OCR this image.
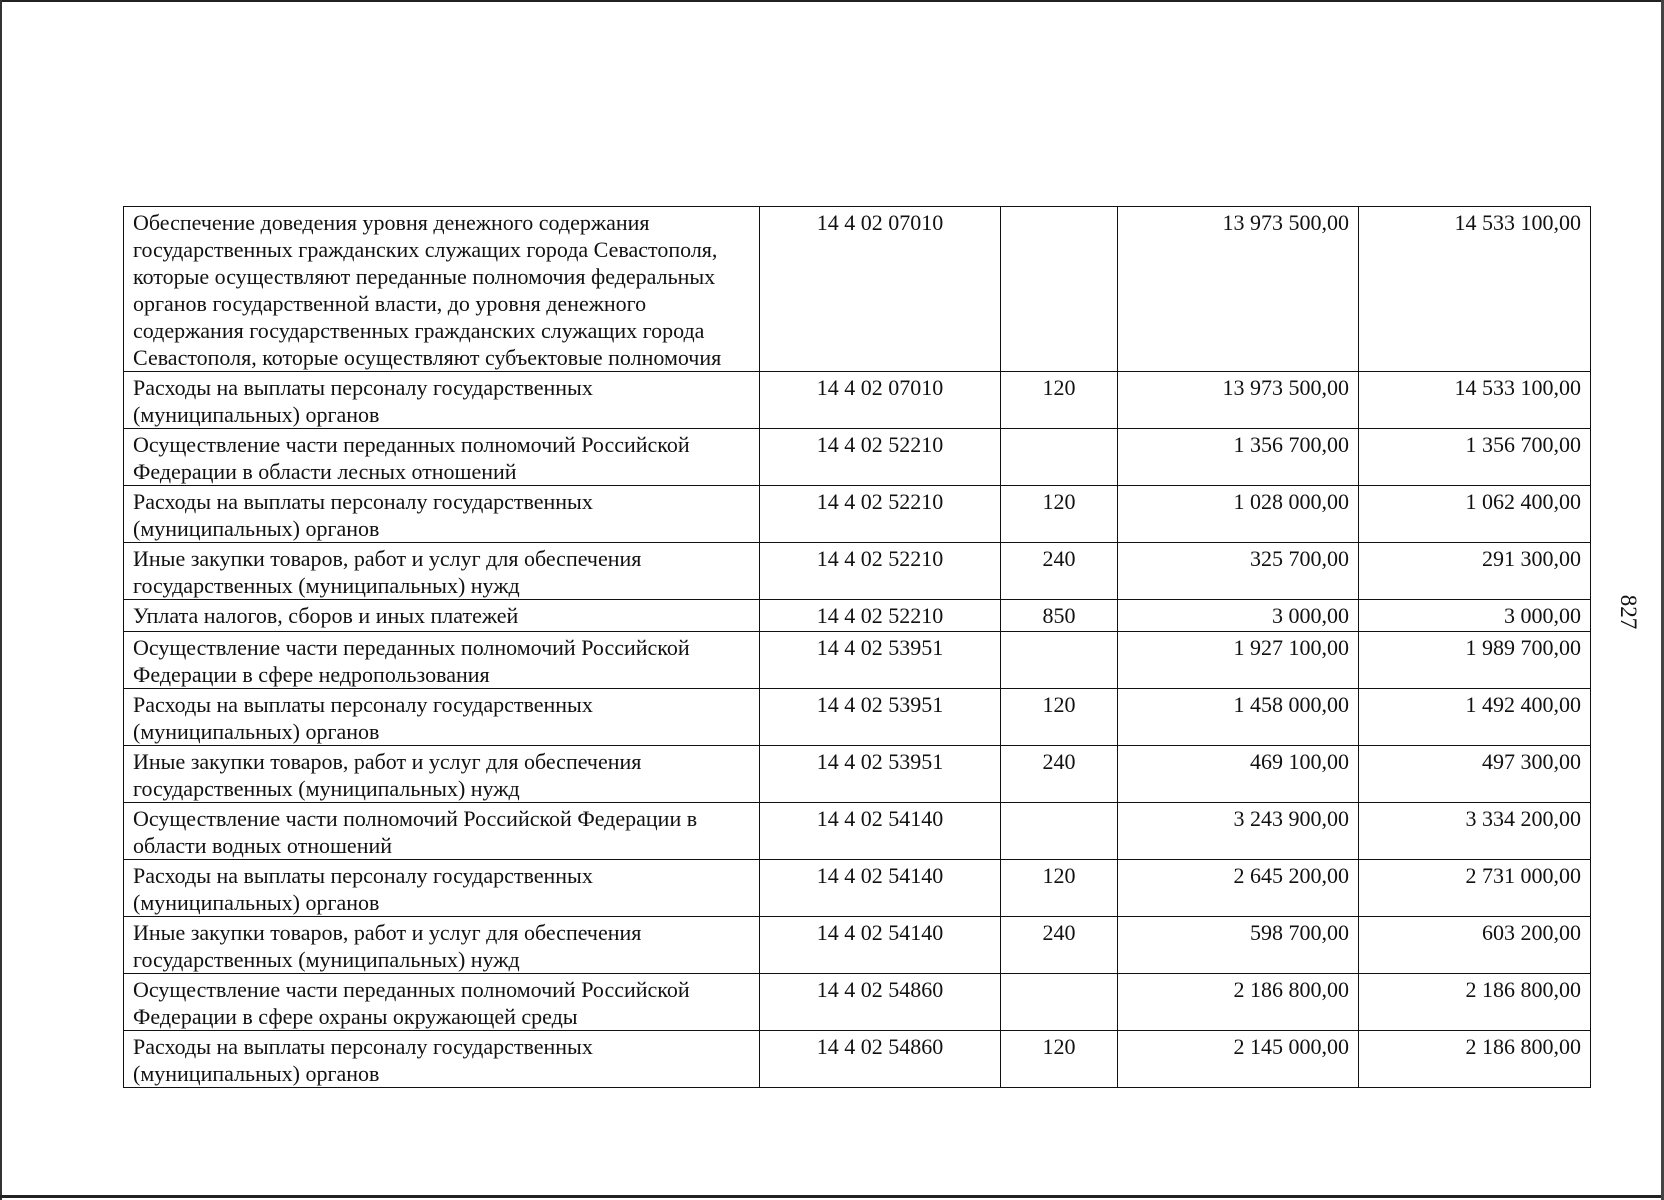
827
Обеспечение доведения уровня денежного содержания государственных гражданских служащих города Севастополя, которые осуществляют переданные полномочия федеральных органов государственной власти, до уровня денежного содержания государственных гражданских служащих города Севастополя, которые осуществляют субъектовые полномочия	14 4 02 07010		13 973 500,00	14 533 100,00
Расходы на выплаты персоналу государственных (муниципальных) органов	14 4 02 07010	120	13 973 500,00	14 533 100,00
Осуществление части переданных полномочий Российской Федерации в области лесных отношений	14 4 02 52210		1 356 700,00	1 356 700,00
Расходы на выплаты персоналу государственных (муниципальных) органов	14 4 02 52210	120	1 028 000,00	1 062 400,00
Иные закупки товаров, работ и услуг для обеспечения государственных (муниципальных) нужд	14 4 02 52210	240	325 700,00	291 300,00
Уплата налогов, сборов и иных платежей	14 4 02 52210	850	3 000,00	3 000,00
Осуществление части переданных полномочий Российской Федерации в сфере недропользования	14 4 02 53951		1 927 100,00	1 989 700,00
Расходы на выплаты персоналу государственных (муниципальных) органов	14 4 02 53951	120	1 458 000,00	1 492 400,00
Иные закупки товаров, работ и услуг для обеспечения государственных (муниципальных) нужд	14 4 02 53951	240	469 100,00	497 300,00
Осуществление части полномочий Российской Федерации в области водных отношений	14 4 02 54140		3 243 900,00	3 334 200,00
Расходы на выплаты персоналу государственных (муниципальных) органов	14 4 02 54140	120	2 645 200,00	2 731 000,00
Иные закупки товаров, работ и услуг для обеспечения государственных (муниципальных) нужд	14 4 02 54140	240	598 700,00	603 200,00
Осуществление части переданных полномочий Российской Федерации в сфере охраны окружающей среды	14 4 02 54860		2 186 800,00	2 186 800,00
Расходы на выплаты персоналу государственных (муниципальных) органов	14 4 02 54860	120	2 145 000,00	2 186 800,00
